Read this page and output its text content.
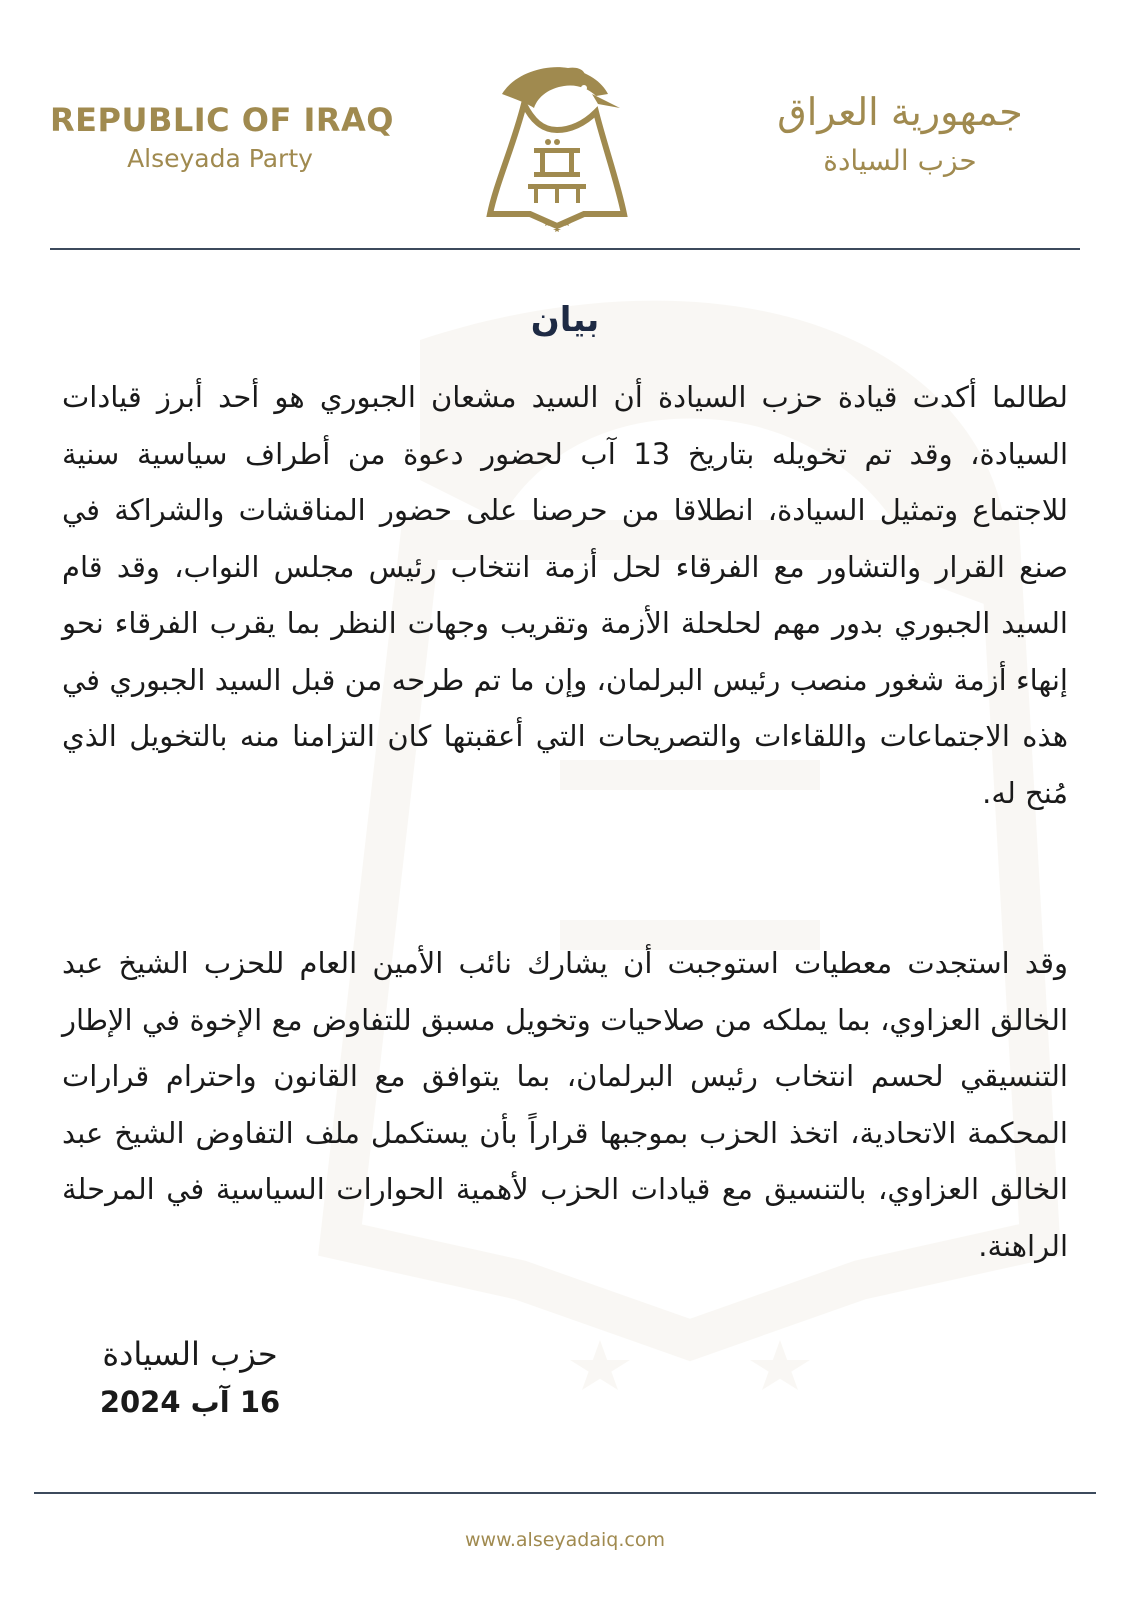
REPUBLIC OF IRAQ
Alseyada Party
جمهورية العراق
حزب السيادة
بيان
لطالما أكدت قيادة حزب السيادة أن السيد مشعان الجبوري هو أحد أبرز قيادات السيادة، وقد تم تخويله بتاريخ 13 آب لحضور دعوة من أطراف سياسية سنية للاجتماع وتمثيل السيادة، انطلاقا من حرصنا على حضور المناقشات والشراكة في صنع القرار والتشاور مع الفرقاء لحل أزمة انتخاب رئيس مجلس النواب، وقد قام السيد الجبوري بدور مهم لحلحلة الأزمة وتقريب وجهات النظر بما يقرب الفرقاء نحو إنهاء أزمة شغور منصب رئيس البرلمان، وإن ما تم طرحه من قبل السيد الجبوري في هذه الاجتماعات واللقاءات والتصريحات التي أعقبتها كان التزامنا منه بالتخويل الذي مُنح له.
وقد استجدت معطيات استوجبت أن يشارك نائب الأمين العام للحزب الشيخ عبد الخالق العزاوي، بما يملكه من صلاحيات وتخويل مسبق للتفاوض مع الإخوة في الإطار التنسيقي لحسم انتخاب رئيس البرلمان، بما يتوافق مع القانون واحترام قرارات المحكمة الاتحادية، اتخذ الحزب بموجبها قراراً بأن يستكمل ملف التفاوض الشيخ عبد الخالق العزاوي، بالتنسيق مع قيادات الحزب لأهمية الحوارات السياسية في المرحلة الراهنة.
حزب السيادة
16 آب 2024
www.alseyadaiq.com
